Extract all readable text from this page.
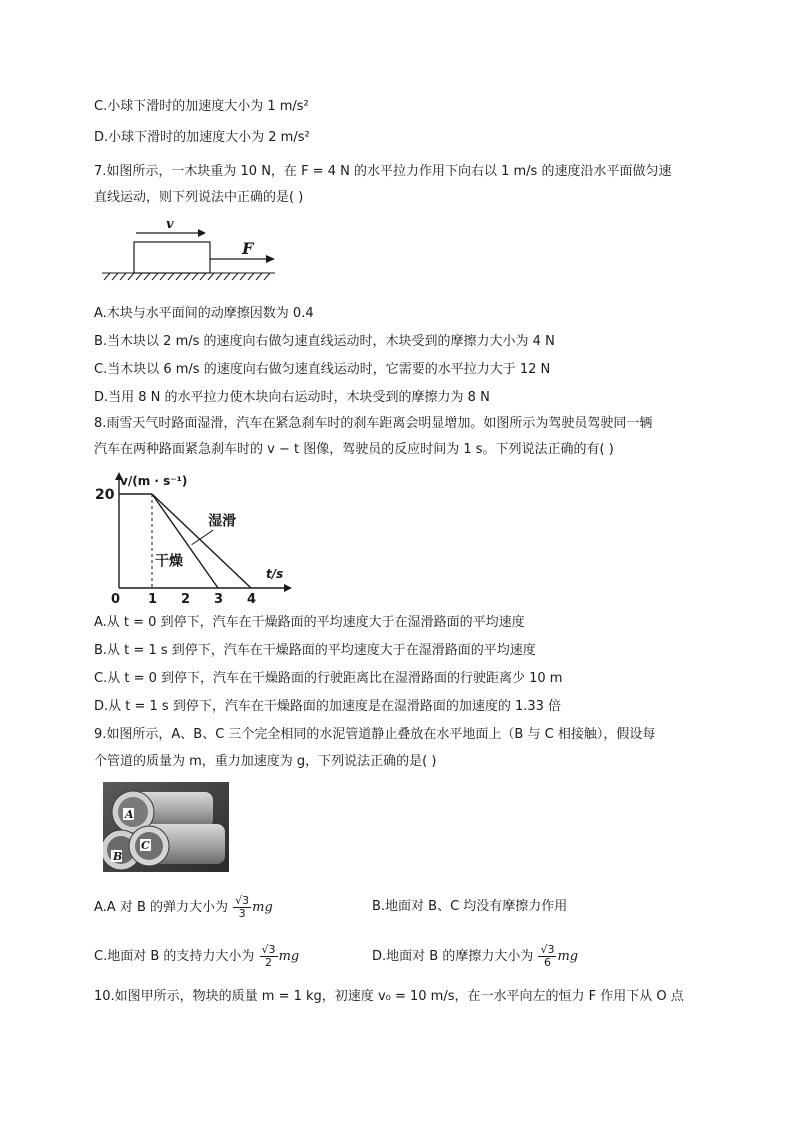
C.小球下滑时的加速度大小为 1 m/s²
D.小球下滑时的加速度大小为 2 m/s²
7.如图所示，一木块重为 10 N，在 F = 4 N 的水平拉力作用下向右以 1 m/s 的速度沿水平面做匀速
直线运动，则下列说法中正确的是( )
v
F
A.木块与水平面间的动摩擦因数为 0.4
B.当木块以 2 m/s 的速度向右做匀速直线运动时，木块受到的摩擦力大小为 4 N
C.当木块以 6 m/s 的速度向右做匀速直线运动时，它需要的水平拉力大于 12 N
D.当用 8 N 的水平拉力使木块向右运动时，木块受到的摩擦力为 8 N
8.雨雪天气时路面湿滑，汽车在紧急刹车时的刹车距离会明显增加。如图所示为驾驶员驾驶同一辆
汽车在两种路面紧急刹车时的 v − t 图像，驾驶员的反应时间为 1 s。下列说法正确的有( )
v/(m · s⁻¹)
t/s
20
0 1 2 3 4
干燥
湿滑
A.从 t = 0 到停下，汽车在干燥路面的平均速度大于在湿滑路面的平均速度
B.从 t = 1 s 到停下，汽车在干燥路面的平均速度大于在湿滑路面的平均速度
C.从 t = 0 到停下，汽车在干燥路面的行驶距离比在湿滑路面的行驶距离少 10 m
D.从 t = 1 s 到停下，汽车在干燥路面的加速度是在湿滑路面的加速度的 1.33 倍
9.如图所示，A、B、C 三个完全相同的水泥管道静止叠放在水平地面上（B 与 C 相接触），假设每
个管道的质量为 m，重力加速度为 g，下列说法正确的是( )
A
B
C
A.A 对 B 的弹力大小为 $\frac{√3}{3}$ mg	B.地面对 B、C 均没有摩擦力作用
C.地面对 B 的支持力大小为 $\frac{√3}{2}$ mg	D.地面对 B 的摩擦力大小为 $\frac{√3}{6}$ mg
10.如图甲所示，物块的质量 m = 1 kg，初速度 v₀ = 10 m/s，在一水平向左的恒力 F 作用下从 O 点
